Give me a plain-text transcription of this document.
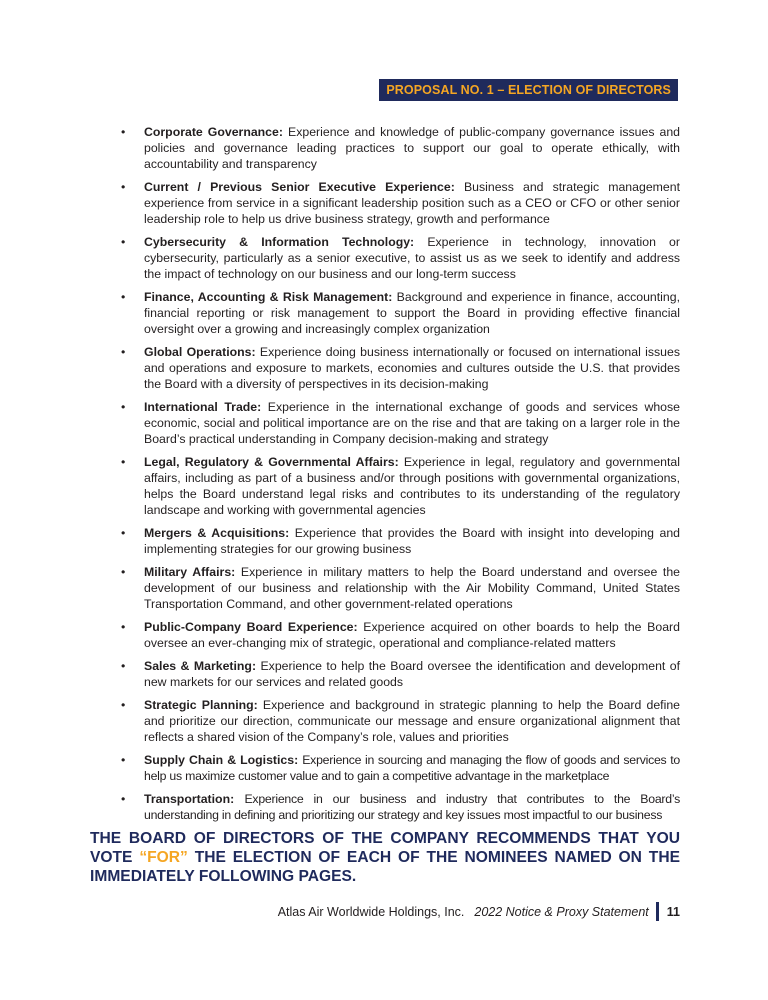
PROPOSAL NO. 1 – ELECTION OF DIRECTORS
• Corporate Governance: Experience and knowledge of public-company governance issues and policies and governance leading practices to support our goal to operate ethically, with accountability and transparency
• Current / Previous Senior Executive Experience: Business and strategic management experience from service in a significant leadership position such as a CEO or CFO or other senior leadership role to help us drive business strategy, growth and performance
• Cybersecurity & Information Technology: Experience in technology, innovation or cybersecurity, particularly as a senior executive, to assist us as we seek to identify and address the impact of technology on our business and our long-term success
• Finance, Accounting & Risk Management: Background and experience in finance, accounting, financial reporting or risk management to support the Board in providing effective financial oversight over a growing and increasingly complex organization
• Global Operations: Experience doing business internationally or focused on international issues and operations and exposure to markets, economies and cultures outside the U.S. that provides the Board with a diversity of perspectives in its decision-making
• International Trade: Experience in the international exchange of goods and services whose economic, social and political importance are on the rise and that are taking on a larger role in the Board’s practical understanding in Company decision-making and strategy
• Legal, Regulatory & Governmental Affairs: Experience in legal, regulatory and governmental affairs, including as part of a business and/or through positions with governmental organizations, helps the Board understand legal risks and contributes to its understanding of the regulatory landscape and working with governmental agencies
• Mergers & Acquisitions: Experience that provides the Board with insight into developing and implementing strategies for our growing business
• Military Affairs: Experience in military matters to help the Board understand and oversee the development of our business and relationship with the Air Mobility Command, United States Transportation Command, and other government-related operations
• Public-Company Board Experience: Experience acquired on other boards to help the Board oversee an ever-changing mix of strategic, operational and compliance-related matters
• Sales & Marketing: Experience to help the Board oversee the identification and development of new markets for our services and related goods
• Strategic Planning: Experience and background in strategic planning to help the Board define and prioritize our direction, communicate our message and ensure organizational alignment that reflects a shared vision of the Company’s role, values and priorities
• Supply Chain & Logistics: Experience in sourcing and managing the flow of goods and services to help us maximize customer value and to gain a competitive advantage in the marketplace
• Transportation: Experience in our business and industry that contributes to the Board’s understanding in defining and prioritizing our strategy and key issues most impactful to our business

THE BOARD OF DIRECTORS OF THE COMPANY RECOMMENDS THAT YOU VOTE “FOR” THE ELECTION OF EACH OF THE NOMINEES NAMED ON THE IMMEDIATELY FOLLOWING PAGES.

Atlas Air Worldwide Holdings, Inc. 2022 Notice & Proxy Statement 11
